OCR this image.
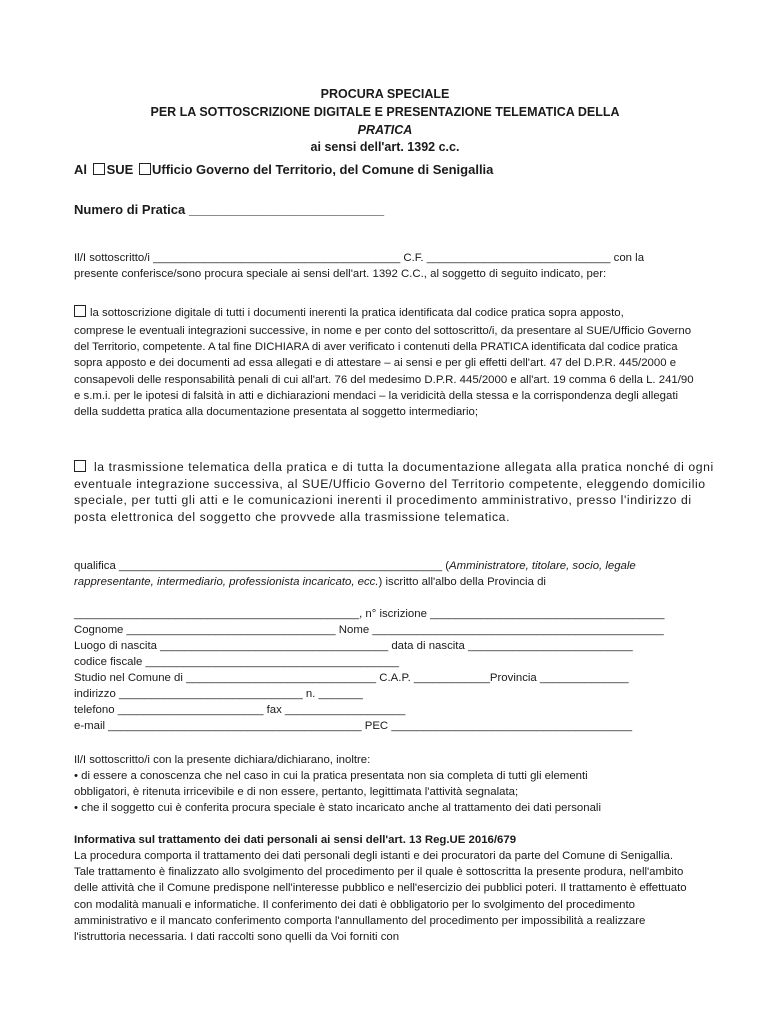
PROCURA SPECIALE
PER LA SOTTOSCRIZIONE DIGITALE E PRESENTAZIONE TELEMATICA DELLA
PRATICA
ai sensi dell'art. 1392 c.c.
Al SUE Ufficio Governo del Territorio, del Comune di Senigallia
Numero di Pratica ___________________________
Il/I sottoscritto/i _______________________________________ C.F. _____________________________ con la
presente conferisce/sono procura speciale ai sensi dell'art. 1392 C.C., al soggetto di seguito indicato, per:
la sottoscrizione digitale di tutti i documenti inerenti la pratica identificata dal codice pratica sopra apposto,
comprese le eventuali integrazioni successive, in nome e per conto del sottoscritto/i, da presentare al SUE/Ufficio Governo del Territorio, competente. A tal fine DICHIARA di aver verificato i contenuti della PRATICA identificata dal codice pratica sopra apposto e dei documenti ad essa allegati e di attestare – ai sensi e per gli effetti dell'art. 47 del D.P.R. 445/2000 e consapevoli delle responsabilità penali di cui all'art. 76 del medesimo D.P.R. 445/2000 e all'art. 19 comma 6 della L. 241/90 e s.m.i. per le ipotesi di falsità in atti e dichiarazioni mendaci – la veridicità della stessa e la corrispondenza degli allegati della suddetta pratica alla documentazione presentata al soggetto intermediario;
la trasmissione telematica della pratica e di tutta la documentazione allegata alla pratica nonché di ogni eventuale integrazione successiva, al SUE/Ufficio Governo del Territorio competente, eleggendo domicilio speciale, per tutti gli atti e le comunicazioni inerenti il procedimento amministrativo, presso l'indirizzo di posta elettronica del soggetto che provvede alla trasmissione telematica.
qualifica ___________________________________________________ (Amministratore, titolare, socio, legale
rappresentante, intermediario, professionista incaricato, ecc.) iscritto all'albo della Provincia di
_____________________________________________, n° iscrizione _____________________________________
Cognome _________________________________ Nome ______________________________________________
Luogo di nascita ____________________________________ data di nascita __________________________
codice fiscale ________________________________________
Studio nel Comune di ______________________________ C.A.P. ____________Provincia ______________
indirizzo _____________________________ n. _______
telefono _______________________ fax ___________________
e-mail ________________________________________ PEC ______________________________________
Il/I sottoscritto/i con la presente dichiara/dichiarano, inoltre:
• di essere a conoscenza che nel caso in cui la pratica presentata non sia completa di tutti gli elementi
obbligatori, è ritenuta irricevibile e di non essere, pertanto, legittimata l'attività segnalata;
• che il soggetto cui è conferita procura speciale è stato incaricato anche al trattamento dei dati personali
Informativa sul trattamento dei dati personali ai sensi dell'art. 13 Reg.UE 2016/679
La procedura comporta il trattamento dei dati personali degli istanti e dei procuratori da parte del Comune di Senigallia. Tale trattamento è finalizzato allo svolgimento del procedimento per il quale è sottoscritta la presente produra, nell'ambito delle attività che il Comune predispone nell'interesse pubblico e nell'esercizio dei pubblici poteri. Il trattamento è effettuato con modalità manuali e informatiche. Il conferimento dei dati è obbligatorio per lo svolgimento del procedimento amministrativo e il mancato conferimento comporta l'annullamento del procedimento per impossibilità a realizzare l'istruttoria necessaria. I dati raccolti sono quelli da Voi forniti con
